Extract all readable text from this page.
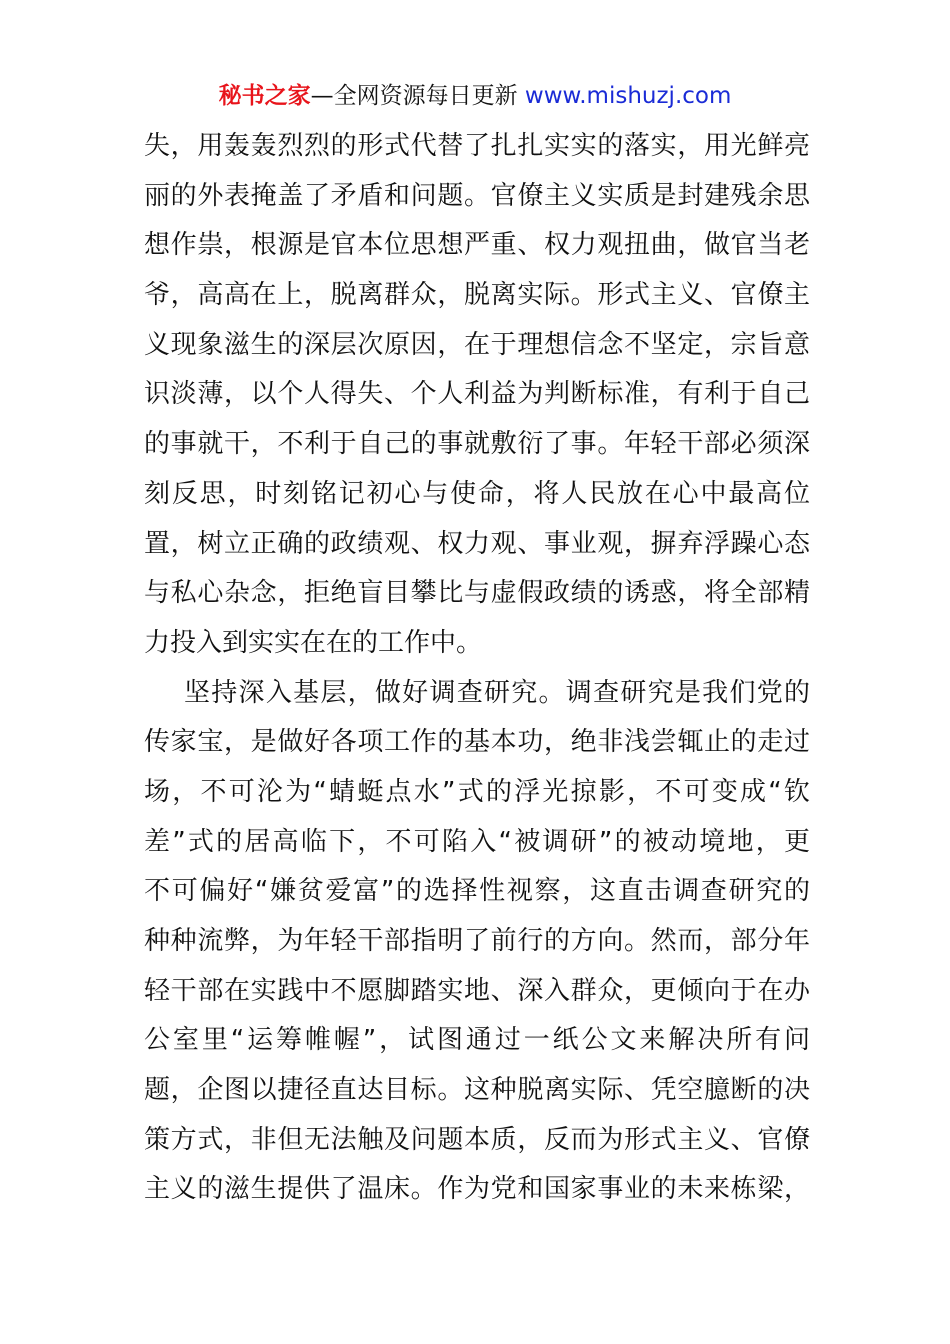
秘书之家—全网资源每日更新 www.mishuzj.com
失，用轰轰烈烈的形式代替了扎扎实实的落实，用光鲜亮
丽的外表掩盖了矛盾和问题。官僚主义实质是封建残余思
想作祟，根源是官本位思想严重、权力观扭曲，做官当老
爷，高高在上，脱离群众，脱离实际。形式主义、官僚主
义现象滋生的深层次原因，在于理想信念不坚定，宗旨意
识淡薄，以个人得失、个人利益为判断标准，有利于自己
的事就干，不利于自己的事就敷衍了事。年轻干部必须深
刻反思，时刻铭记初心与使命，将人民放在心中最高位
置，树立正确的政绩观、权力观、事业观，摒弃浮躁心态
与私心杂念，拒绝盲目攀比与虚假政绩的诱惑，将全部精
力投入到实实在在的工作中。
坚持深入基层，做好调查研究。调查研究是我们党的
传家宝，是做好各项工作的基本功，绝非浅尝辄止的走过
场，不可沦为“蜻蜓点水”式的浮光掠影，不可变成“钦
差”式的居高临下，不可陷入“被调研”的被动境地，更
不可偏好“嫌贫爱富”的选择性视察，这直击调查研究的
种种流弊，为年轻干部指明了前行的方向。然而，部分年
轻干部在实践中不愿脚踏实地、深入群众，更倾向于在办
公室里“运筹帷幄”，试图通过一纸公文来解决所有问
题，企图以捷径直达目标。这种脱离实际、凭空臆断的决
策方式，非但无法触及问题本质，反而为形式主义、官僚
主义的滋生提供了温床。作为党和国家事业的未来栋梁，
